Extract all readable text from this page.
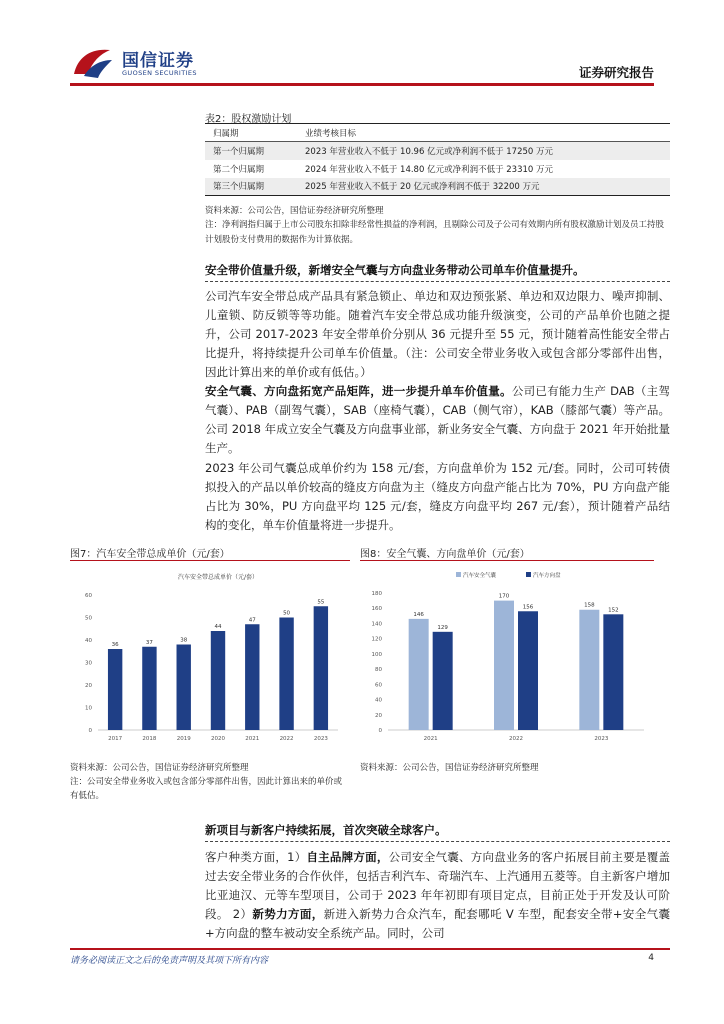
国信证券
GUOSEN SECURITIES	证券研究报告
表2：股权激励计划
归属期	业绩考核目标
第一个归属期	2023 年营业收入不低于 10.96 亿元或净利润不低于 17250 万元
第二个归属期	2024 年营业收入不低于 14.80 亿元或净利润不低于 23310 万元
第三个归属期	2025 年营业收入不低于 20 亿元或净利润不低于 32200 万元
资料来源：公司公告，国信证券经济研究所整理
注：净利润指归属于上市公司股东扣除非经常性损益的净利润，且剔除公司及子公司有效期内所有股权激励计划及员工持股计划股份支付费用的数据作为计算依据。
安全带价值量升级，新增安全气囊与方向盘业务带动公司单车价值量提升。
公司汽车安全带总成产品具有紧急锁止、单边和双边预张紧、单边和双边限力、噪声抑制、儿童锁、防反锁等等功能。随着汽车安全带总成功能升级演变，公司的产品单价也随之提升，公司 2017-2023 年安全带单价分别从 36 元提升至 55 元，预计随着高性能安全带占比提升，将持续提升公司单车价值量。（注：公司安全带业务收入或包含部分零部件出售，因此计算出来的单价或有低估。）
安全气囊、方向盘拓宽产品矩阵，进一步提升单车价值量。公司已有能力生产 DAB（主驾气囊）、PAB（副驾气囊），SAB（座椅气囊），CAB（侧气帘），KAB（膝部气囊）等产品。公司 2018 年成立安全气囊及方向盘事业部，新业务安全气囊、方向盘于 2021 年开始批量生产。
2023 年公司气囊总成单价约为 158 元/套，方向盘单价为 152 元/套。同时，公司可转债拟投入的产品以单价较高的缝皮方向盘为主（缝皮方向盘产能占比为 70%，PU 方向盘产能占比为 30%，PU 方向盘平均 125 元/套，缝皮方向盘平均 267 元/套），预计随着产品结构的变化，单车价值量将进一步提升。
图7：汽车安全带总成单价（元/套）
汽车安全带总成单价（元/套）
0
10
20
30
40
50
60
36
2017
37
2018
38
2019
44
2020
47
2021
50
2022
55
2023
资料来源：公司公告，国信证券经济研究所整理
注：公司安全带业务收入或包含部分零部件出售，因此计算出来的单价或有低估。
图8：安全气囊、方向盘单价（元/套）
汽车安全气囊	汽车方向盘
0
20
40
60
80
100
120
140
160
180
146
129
2021
170
156
2022
158
152
2023
资料来源：公司公告，国信证券经济研究所整理
新项目与新客户持续拓展，首次突破全球客户。
客户种类方面，1）自主品牌方面，公司安全气囊、方向盘业务的客户拓展目前主要是覆盖过去安全带业务的合作伙伴，包括吉利汽车、奇瑞汽车、上汽通用五菱等。自主新客户增加比亚迪汉、元等车型项目，公司于 2023 年年初即有项目定点，目前正处于开发及认可阶段。 2）新势力方面，新进入新势力合众汽车，配套哪吒 V 车型，配套安全带+安全气囊+方向盘的整车被动安全系统产品。同时，公司
请务必阅读正文之后的免责声明及其项下所有内容	4
